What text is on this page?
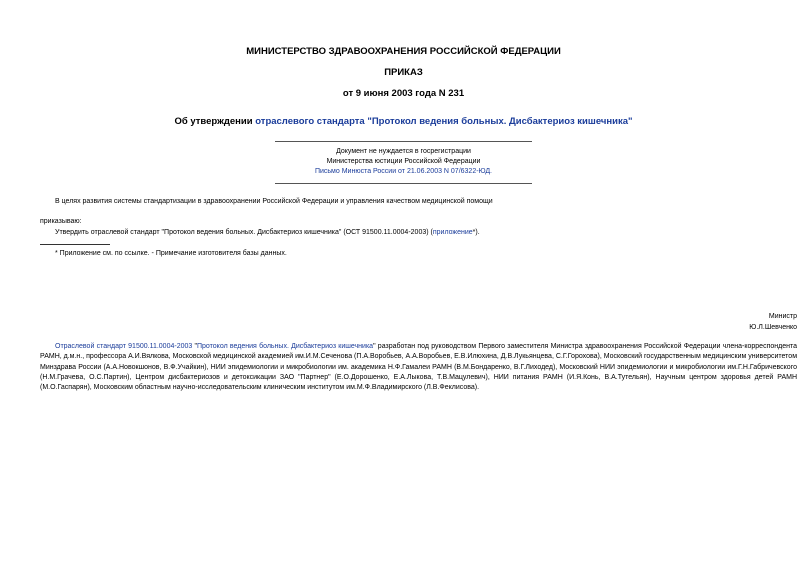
МИНИСТЕРСТВО ЗДРАВООХРАНЕНИЯ РОССИЙСКОЙ ФЕДЕРАЦИИ
ПРИКАЗ
от 9 июня 2003 года N 231
Об утверждении отраслевого стандарта "Протокол ведения больных. Дисбактериоз кишечника"
Документ не нуждается в госрегистрации
Министерства юстиции Российской Федерации
Письмо Минюста России от 21.06.2003 N 07/6322-ЮД.
В целях развития системы стандартизации в здравоохранении Российской Федерации и управления качеством медицинской помощи
приказываю:
Утвердить отраслевой стандарт "Протокол ведения больных. Дисбактериоз кишечника" (ОСТ 91500.11.0004-2003) (приложение*).
* Приложение см. по ссылке. - Примечание изготовителя базы данных.
Министр
Ю.Л.Шевченко
Отраслевой стандарт 91500.11.0004-2003 "Протокол ведения больных. Дисбактериоз кишечника" разработан под руководством Первого заместителя Министра здравоохранения Российской Федерации члена-корреспондента РАМН, д.м.н., профессора А.И.Вялкова, Московской медицинской академией им.И.М.Сеченова (П.А.Воробьев, А.А.Воробьев, Е.В.Илюхина, Д.В.Лукьянцева, С.Г.Горохова), Московский государственным медицинским университетом Минздрава России (А.А.Новокшонов, В.Ф.Учайкин), НИИ эпидемиологии и микробиологии им. академика Н.Ф.Гамалеи РАМН (В.М.Бондаренко, В.Г.Лиходед), Московский НИИ эпидемиологии и микробиологии им.Г.Н.Габричевского (Н.М.Грачева, О.С.Партин), Центром дисбактериозов и детоксикации ЗАО "Партнер" (Е.О.Дорошенко, Е.А.Лыкова, Т.В.Мацулевич), НИИ питания РАМН (И.Я.Конь, В.А.Тутельян), Научным центром здоровья детей РАМН (М.О.Гаспарян), Московским областным научно-исследовательским клиническим институтом им.М.Ф.Владимирского (Л.В.Феклисова).
